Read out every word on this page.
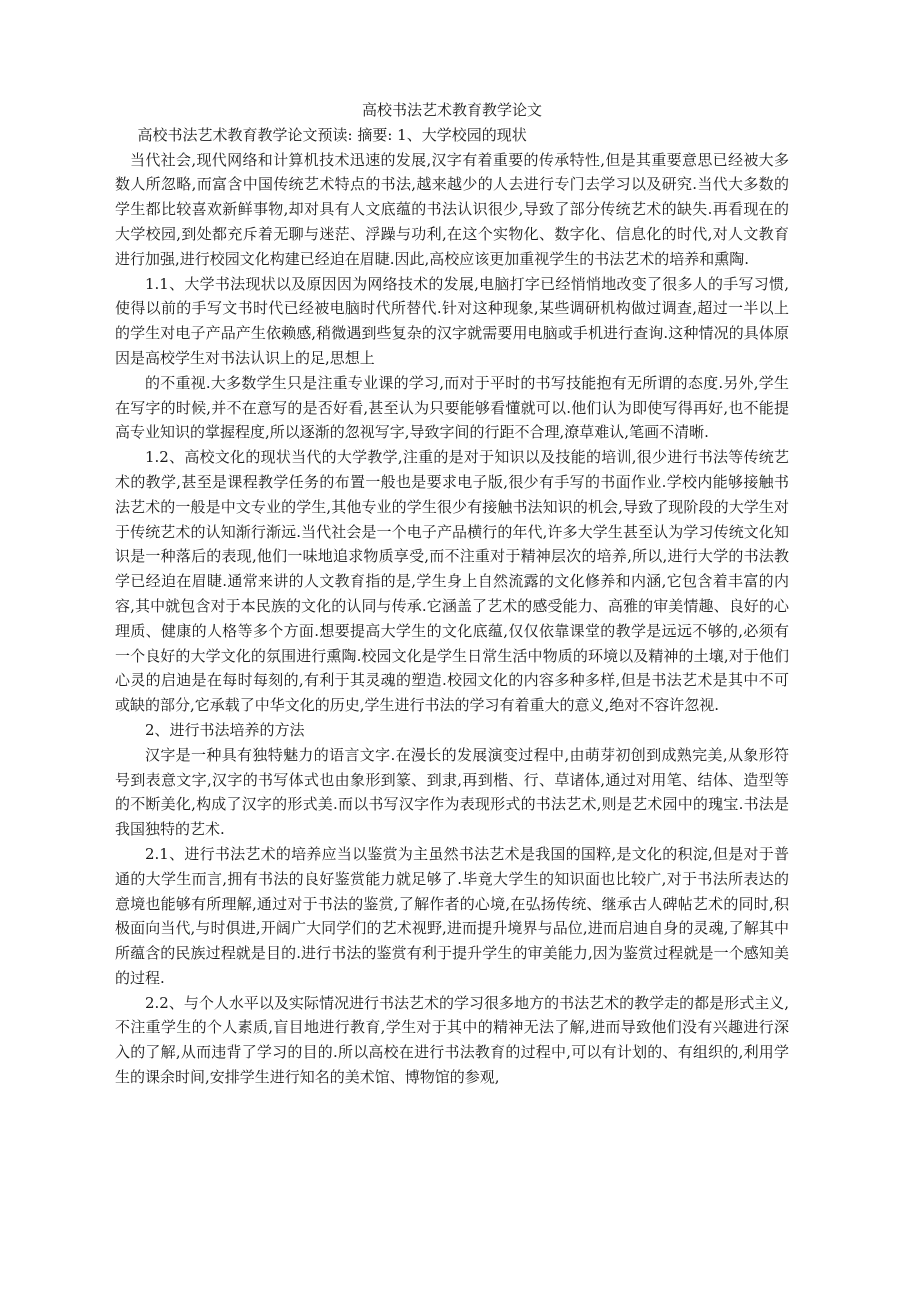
高校书法艺术教育教学论文

高校书法艺术教育教学论文预读: 摘要: 1、大学校园的现状

当代社会,现代网络和计算机技术迅速的发展,汉字有着重要的传承特性,但是其重要意思已经被大多数人所忽略,而富含中国传统艺术特点的书法,越来越少的人去进行专门去学习以及研究.当代大多数的学生都比较喜欢新鲜事物,却对具有人文底蕴的书法认识很少,导致了部分传统艺术的缺失.再看现在的大学校园,到处都充斥着无聊与迷茫、浮躁与功利,在这个实物化、数字化、信息化的时代,对人文教育进行加强,进行校园文化构建已经迫在眉睫.因此,高校应该更加重视学生的书法艺术的培养和熏陶.

1.1、大学书法现状以及原因因为网络技术的发展,电脑打字已经悄悄地改变了很多人的手写习惯,使得以前的手写文书时代已经被电脑时代所替代.针对这种现象,某些调研机构做过调查,超过一半以上的学生对电子产品产生依赖感,稍微遇到些复杂的汉字就需要用电脑或手机进行查询.这种情况的具体原因是高校学生对书法认识上的足,思想上

的不重视.大多数学生只是注重专业课的学习,而对于平时的书写技能抱有无所谓的态度.另外,学生在写字的时候,并不在意写的是否好看,甚至认为只要能够看懂就可以.他们认为即使写得再好,也不能提高专业知识的掌握程度,所以逐渐的忽视写字,导致字间的行距不合理,潦草难认,笔画不清晰.

1.2、高校文化的现状当代的大学教学,注重的是对于知识以及技能的培训,很少进行书法等传统艺术的教学,甚至是课程教学任务的布置一般也是要求电子版,很少有手写的书面作业.学校内能够接触书法艺术的一般是中文专业的学生,其他专业的学生很少有接触书法知识的机会,导致了现阶段的大学生对于传统艺术的认知渐行渐远.当代社会是一个电子产品横行的年代,许多大学生甚至认为学习传统文化知识是一种落后的表现,他们一味地追求物质享受,而不注重对于精神层次的培养,所以,进行大学的书法教学已经迫在眉睫.通常来讲的人文教育指的是,学生身上自然流露的文化修养和内涵,它包含着丰富的内容,其中就包含对于本民族的文化的认同与传承.它涵盖了艺术的感受能力、高雅的审美情趣、良好的心理质、健康的人格等多个方面.想要提高大学生的文化底蕴,仅仅依靠课堂的教学是远远不够的,必须有一个良好的大学文化的氛围进行熏陶.校园文化是学生日常生活中物质的环境以及精神的土壤,对于他们心灵的启迪是在每时每刻的,有利于其灵魂的塑造.校园文化的内容多种多样,但是书法艺术是其中不可或缺的部分,它承载了中华文化的历史,学生进行书法的学习有着重大的意义,绝对不容许忽视.

2、进行书法培养的方法

汉字是一种具有独特魅力的语言文字.在漫长的发展演变过程中,由萌芽初创到成熟完美,从象形符号到表意文字,汉字的书写体式也由象形到篆、到隶,再到楷、行、草诸体,通过对用笔、结体、造型等的不断美化,构成了汉字的形式美.而以书写汉字作为表现形式的书法艺术,则是艺术园中的瑰宝.书法是我国独特的艺术.

2.1、进行书法艺术的培养应当以鉴赏为主虽然书法艺术是我国的国粹,是文化的积淀,但是对于普通的大学生而言,拥有书法的良好鉴赏能力就足够了.毕竟大学生的知识面也比较广,对于书法所表达的意境也能够有所理解,通过对于书法的鉴赏,了解作者的心境,在弘扬传统、继承古人碑帖艺术的同时,积极面向当代,与时俱进,开阔广大同学们的艺术视野,进而提升境界与品位,进而启迪自身的灵魂,了解其中所蕴含的民族过程就是目的.进行书法的鉴赏有利于提升学生的审美能力,因为鉴赏过程就是一个感知美的过程.

2.2、与个人水平以及实际情况进行书法艺术的学习很多地方的书法艺术的教学走的都是形式主义,不注重学生的个人素质,盲目地进行教育,学生对于其中的精神无法了解,进而导致他们没有兴趣进行深入的了解,从而违背了学习的目的.所以高校在进行书法教育的过程中,可以有计划的、有组织的,利用学生的课余时间,安排学生进行知名的美术馆、博物馆的参观,
